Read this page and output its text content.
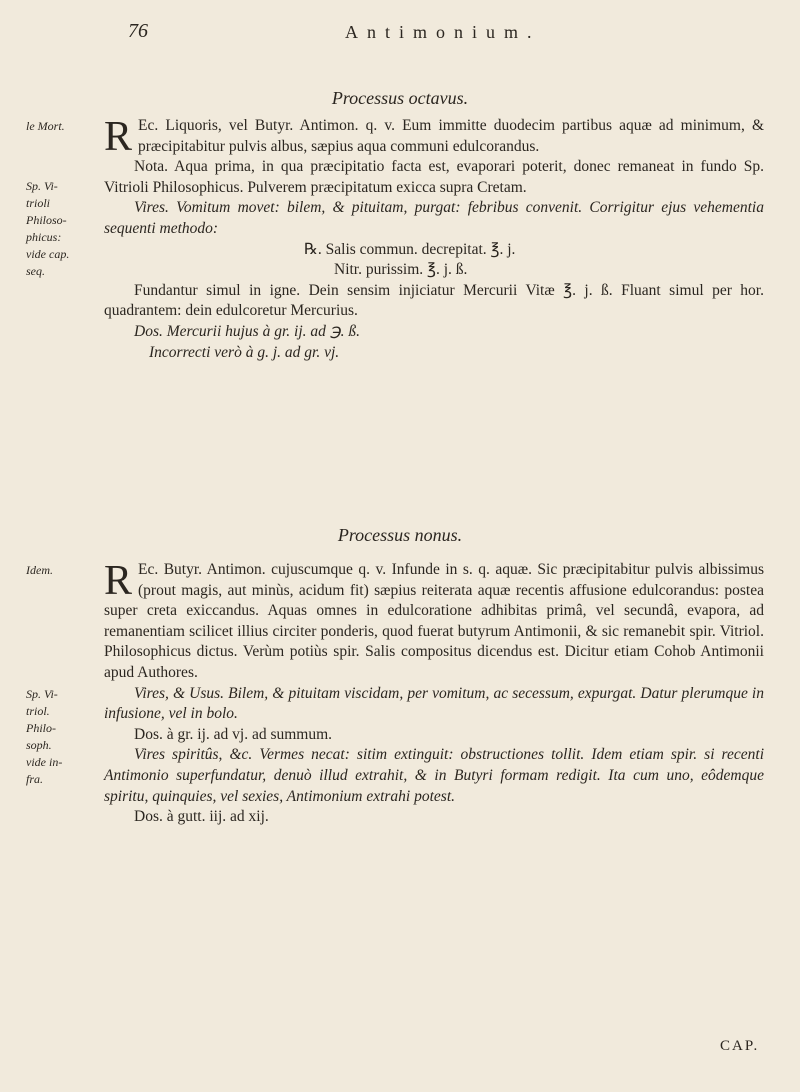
76	Antimonium.
Processus octavus.
le Mort.
Sp. Vi-
trioli
Philoso-
phicus:
vide cap.
seq.

R Ec. Liquoris, vel Butyr. Antimon. q. v. Eum immitte duodecim partibus aquæ ad minimum, & præcipitabitur pulvis albus, sæpius aqua communi edulcorandus.

Nota. Aqua prima, in qua præcipitatio facta est, evaporari poterit, donec remaneat in fundo Sp. Vitrioli Philosophicus. Pulverem præcipitatum exicca supra Cretam.

Vires. Vomitum movet: bilem, & pituitam, purgat: febribus convenit. Corrigitur ejus vehementia sequenti methodo:

℞. Salis commun. decrepitat. ℥. j.

Nitr. purissim. ℥. j. ß.

Fundantur simul in igne. Dein sensim injiciatur Mercurii Vitæ ℥. j. ß. Fluant simul per hor. quadrantem: dein edulcoretur Mercurius.

Dos. Mercurii hujus à gr. ij. ad ℈. ß.

Incorrecti verò à g. j. ad gr. vj.

Processus nonus.
Idem.
Sp. Vi-
triol.
Philo-
soph.
vide in-
fra.

R Ec. Butyr. Antimon. cujuscumque q. v. Infunde in s. q. aquæ. Sic præcipitabitur pulvis albissimus (prout magis, aut minùs, acidum fit) sæpius reiterata aquæ recentis affusione edulcorandus: postea super creta exiccandus. Aquas omnes in edulcoratione adhibitas primâ, vel secundâ, evapora, ad remanentiam scilicet illius circiter ponderis, quod fuerat butyrum Antimonii, & sic remanebit spir. Vitriol. Philosophicus dictus. Verùm potiùs spir. Salis compositus dicendus est. Dicitur etiam Cohob Antimonii apud Authores.

Vires, & Usus. Bilem, & pituitam viscidam, per vomitum, ac secessum, expurgat. Datur plerumque in infusione, vel in bolo.

Dos. à gr. ij. ad vj. ad summum.

Vires spiritûs, &c. Vermes necat: sitim extinguit: obstructiones tollit. Idem etiam spir. si recenti Antimonio superfundatur, denuò illud extrahit, & in Butyri formam redigit. Ita cum uno, eôdemque spiritu, quinquies, vel sexies, Antimonium extrahi potest.

Dos. à gutt. iij. ad xij.

CAP.
